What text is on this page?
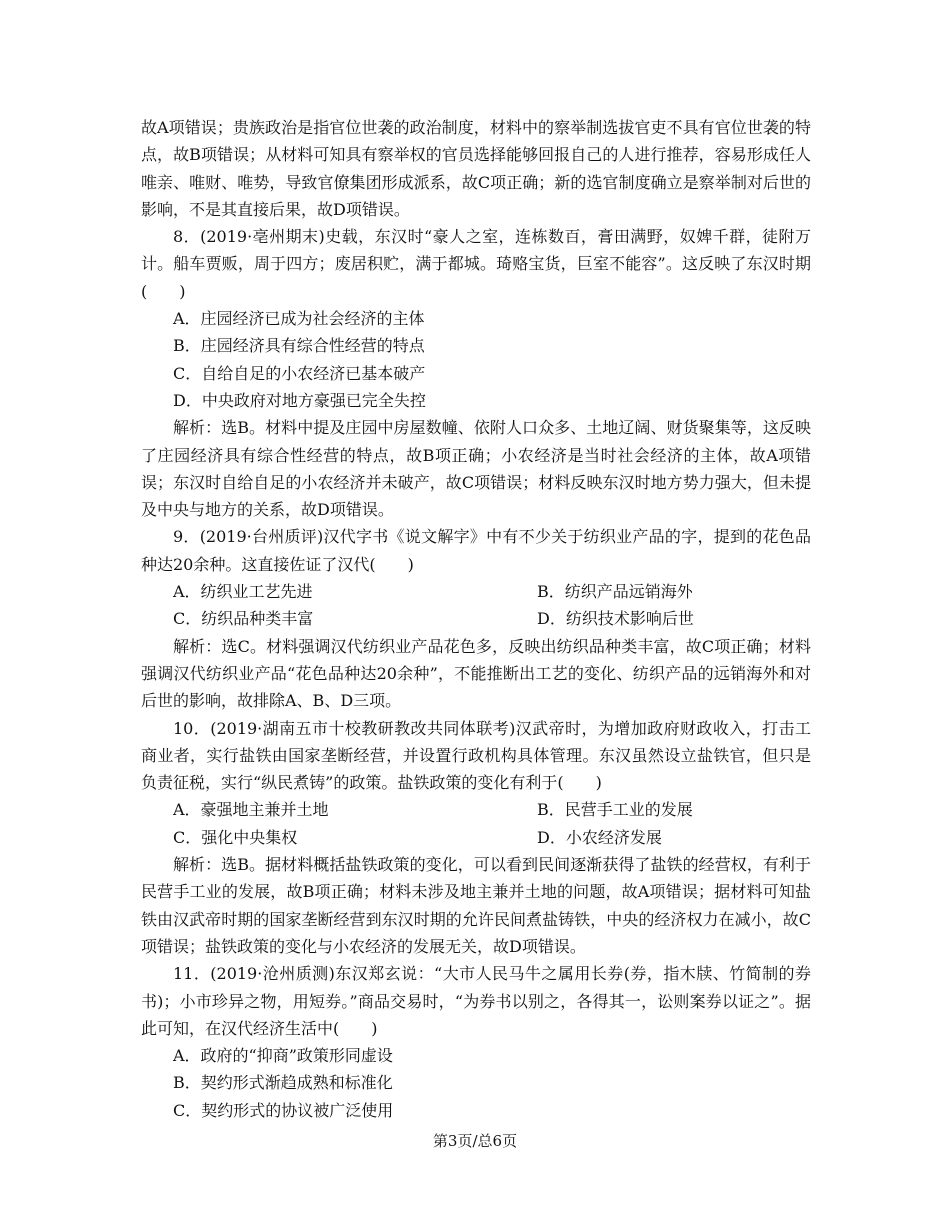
故A项错误；贵族政治是指官位世袭的政治制度，材料中的察举制选拔官吏不具有官位世袭的特点，故B项错误；从材料可知具有察举权的官员选择能够回报自己的人进行推荐，容易形成任人唯亲、唯财、唯势，导致官僚集团形成派系，故C项正确；新的选官制度确立是察举制对后世的影响，不是其直接后果，故D项错误。

8．(2019·亳州期末)史载，东汉时“豪人之室，连栋数百，膏田满野，奴婢千群，徒附万计。船车贾贩，周于四方；废居积贮，满于都城。琦赂宝货，巨室不能容”。这反映了东汉时期(　　)

A．庄园经济已成为社会经济的主体

B．庄园经济具有综合性经营的特点

C．自给自足的小农经济已基本破产

D．中央政府对地方豪强已完全失控

解析：选B。材料中提及庄园中房屋数幢、依附人口众多、土地辽阔、财货聚集等，这反映了庄园经济具有综合性经营的特点，故B项正确；小农经济是当时社会经济的主体，故A项错误；东汉时自给自足的小农经济并未破产，故C项错误；材料反映东汉时地方势力强大，但未提及中央与地方的关系，故D项错误。

9．(2019·台州质评)汉代字书《说文解字》中有不少关于纺织业产品的字，提到的花色品种达20余种。这直接佐证了汉代(　　)

A．纺织业工艺先进	B．纺织产品远销海外
C．纺织品种类丰富	D．纺织技术影响后世

解析：选C。材料强调汉代纺织业产品花色多，反映出纺织品种类丰富，故C项正确；材料强调汉代纺织业产品“花色品种达20余种”，不能推断出工艺的变化、纺织产品的远销海外和对后世的影响，故排除A、B、D三项。

10．(2019·湖南五市十校教研教改共同体联考)汉武帝时，为增加政府财政收入，打击工商业者，实行盐铁由国家垄断经营，并设置行政机构具体管理。东汉虽然设立盐铁官，但只是负责征税，实行“纵民煮铸”的政策。盐铁政策的变化有利于(　　)

A．豪强地主兼并土地	B．民营手工业的发展
C．强化中央集权	D．小农经济发展

解析：选B。据材料概括盐铁政策的变化，可以看到民间逐渐获得了盐铁的经营权，有利于民营手工业的发展，故B项正确；材料未涉及地主兼并土地的问题，故A项错误；据材料可知盐铁由汉武帝时期的国家垄断经营到东汉时期的允许民间煮盐铸铁，中央的经济权力在减小，故C项错误；盐铁政策的变化与小农经济的发展无关，故D项错误。

11．(2019·沧州质测)东汉郑玄说：“大市人民马牛之属用长券(券，指木牍、竹简制的券书)；小市珍异之物，用短券。”商品交易时，“为券书以别之，各得其一，讼则案券以证之”。据此可知，在汉代经济生活中(　　)

A．政府的“抑商”政策形同虚设

B．契约形式渐趋成熟和标准化

C．契约形式的协议被广泛使用

第3页/总6页
